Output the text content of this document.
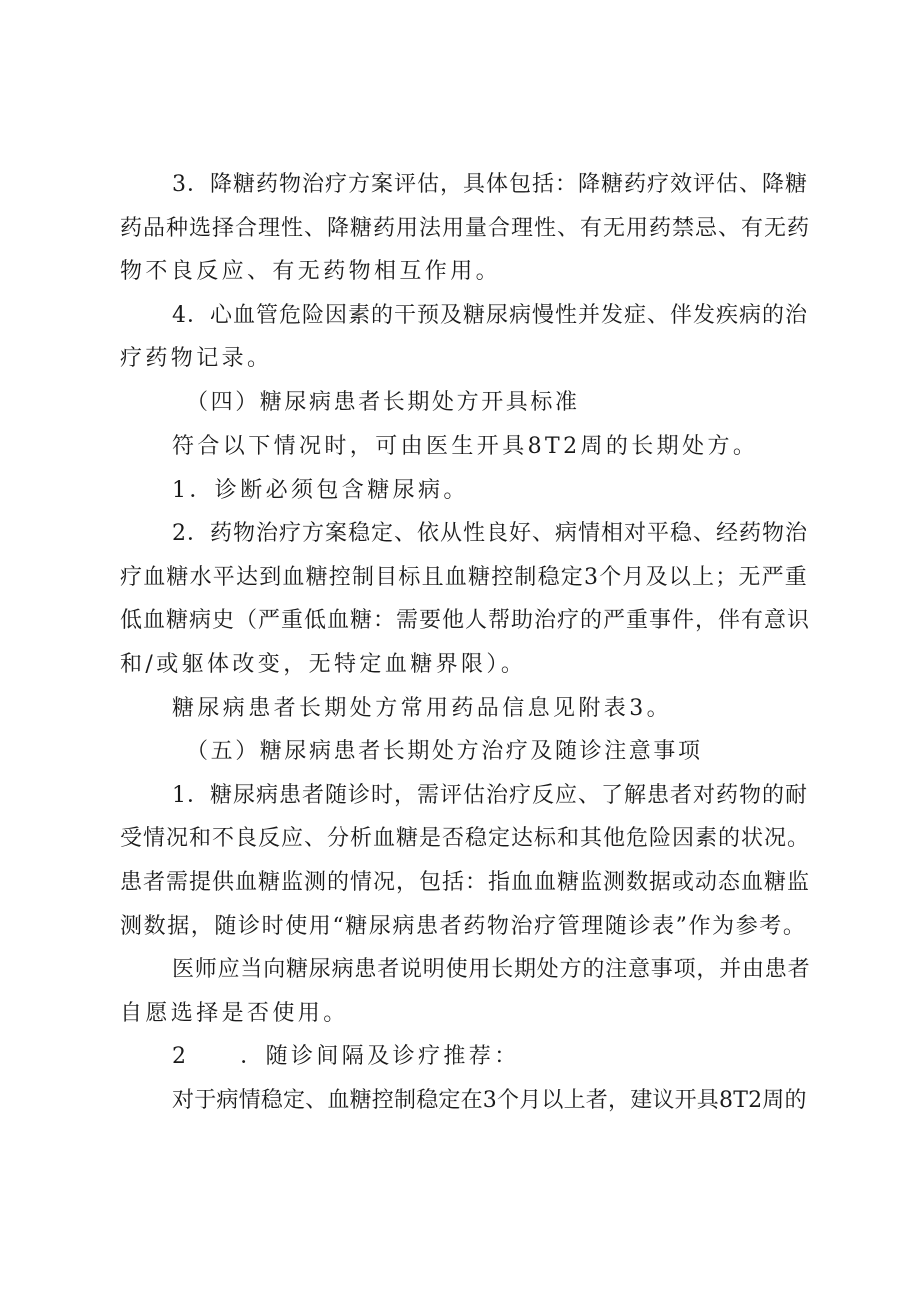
3．降糖药物治疗方案评估，具体包括：降糖药疗效评估、降糖
药品种选择合理性、降糖药用法用量合理性、有无用药禁忌、有无药
物不良反应、有无药物相互作用。
4．心血管危险因素的干预及糖尿病慢性并发症、伴发疾病的治
疗药物记录。
（四）糖尿病患者长期处方开具标准
符合以下情况时，可由医生开具8T2周的长期处方。
1．诊断必须包含糖尿病。
2．药物治疗方案稳定、依从性良好、病情相对平稳、经药物治
疗血糖水平达到血糖控制目标且血糖控制稳定3个月及以上；无严重
低血糖病史（严重低血糖：需要他人帮助治疗的严重事件，伴有意识
和/或躯体改变，无特定血糖界限）。
糖尿病患者长期处方常用药品信息见附表3。
（五）糖尿病患者长期处方治疗及随诊注意事项
1．糖尿病患者随诊时，需评估治疗反应、了解患者对药物的耐
受情况和不良反应、分析血糖是否稳定达标和其他危险因素的状况。
患者需提供血糖监测的情况，包括：指血血糖监测数据或动态血糖监
测数据，随诊时使用“糖尿病患者药物治疗管理随诊表”作为参考。
医师应当向糖尿病患者说明使用长期处方的注意事项，并由患者
自愿选择是否使用。
2　　．随诊间隔及诊疗推荐：
对于病情稳定、血糖控制稳定在3个月以上者，建议开具8T2周的
